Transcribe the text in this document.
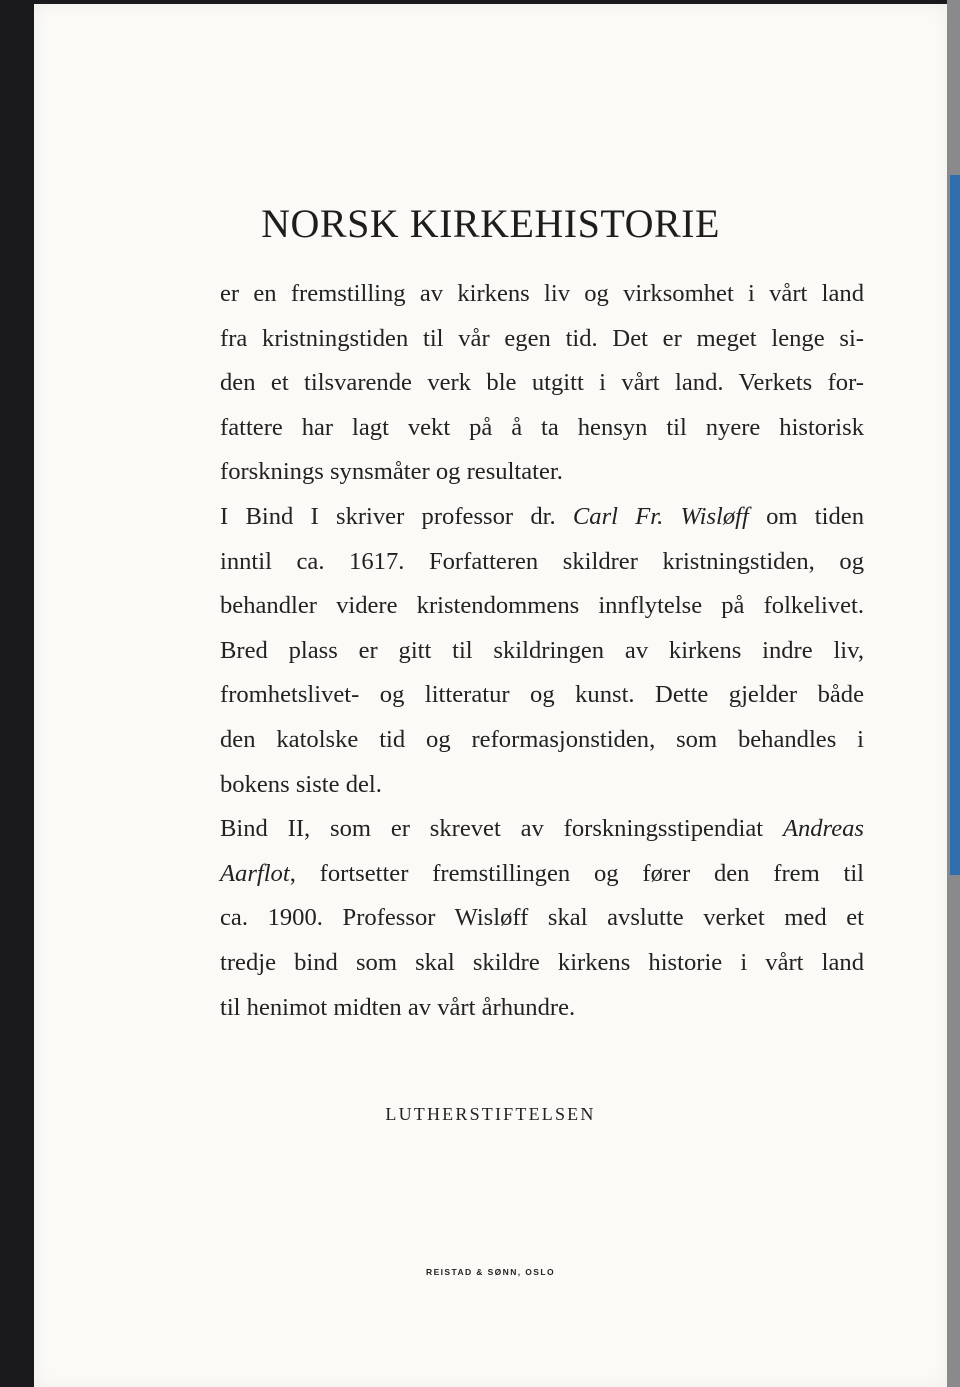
NORSK KIRKEHISTORIE
er en fremstilling av kirkens liv og virksomhet i vårt land
fra kristningstiden til vår egen tid. Det er meget lenge si-
den et tilsvarende verk ble utgitt i vårt land. Verkets for-
fattere har lagt vekt på å ta hensyn til nyere historisk
forsknings synsmåter og resultater.
I Bind I skriver professor dr. Carl Fr. Wisløff om tiden
inntil ca. 1617. Forfatteren skildrer kristningstiden, og
behandler videre kristendommens innflytelse på folkelivet.
Bred plass er gitt til skildringen av kirkens indre liv,
fromhetslivet- og litteratur og kunst. Dette gjelder både
den katolske tid og reformasjonstiden, som behandles i
bokens siste del.
Bind II, som er skrevet av forskningsstipendiat Andreas
Aarflot, fortsetter fremstillingen og fører den frem til
ca. 1900. Professor Wisløff skal avslutte verket med et
tredje bind som skal skildre kirkens historie i vårt land
til henimot midten av vårt århundre.
LUTHERSTIFTELSEN
REISTAD & SØNN, OSLO
